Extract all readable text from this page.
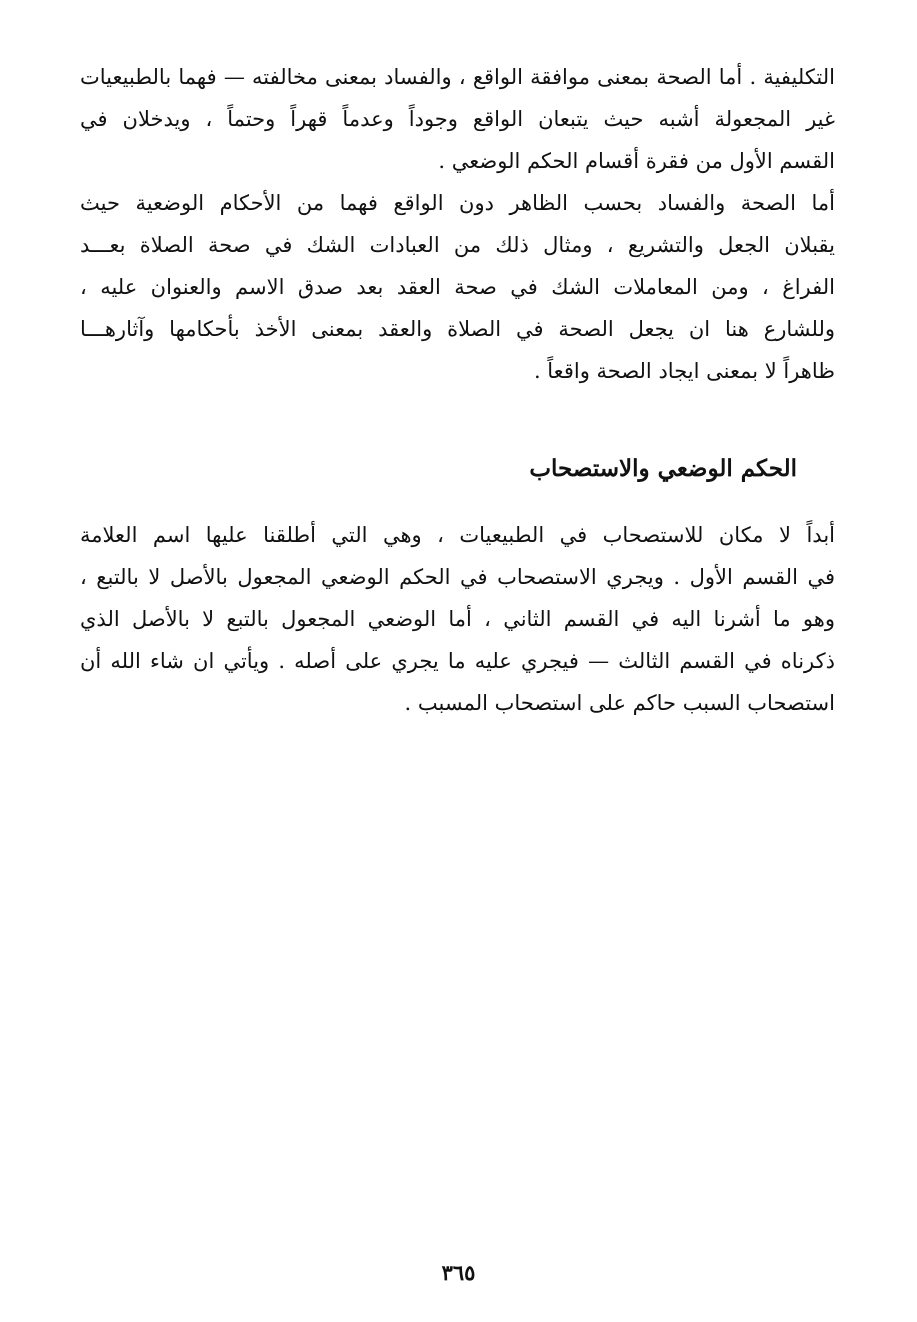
التكليفية . أما الصحة بمعنى موافقة الواقع ، والفساد بمعنى مخالفته — فهما بالطبيعيات
غير المجعولة أشبه حيث يتبعان الواقع وجوداً وعدماً قهراً وحتماً ، ويدخلان في
القسم الأول من فقرة أقسام الحكم الوضعي .
أما الصحة والفساد بحسب الظاهر دون الواقع فهما من الأحكام الوضعية حيث
يقبلان الجعل والتشريع ، ومثال ذلك من العبادات الشك في صحة الصلاة بعـــد
الفراغ ، ومن المعاملات الشك في صحة العقد بعد صدق الاسم والعنوان عليه ،
وللشارع هنا ان يجعل الصحة في الصلاة والعقد بمعنى الأخذ بأحكامها وآثارهـــا
ظاهراً لا بمعنى ايجاد الصحة واقعاً .
الحكم الوضعي والاستصحاب
أبداً لا مكان للاستصحاب في الطبيعيات ، وهي التي أطلقنا عليها اسم العلامة
في القسم الأول . ويجري الاستصحاب في الحكم الوضعي المجعول بالأصل لا بالتبع ،
وهو ما أشرنا اليه في القسم الثاني ، أما الوضعي المجعول بالتبع لا بالأصل الذي
ذكرناه في القسم الثالث — فيجري عليه ما يجري على أصله . ويأتي ان شاء الله أن
استصحاب السبب حاكم على استصحاب المسبب .
٣٦٥
